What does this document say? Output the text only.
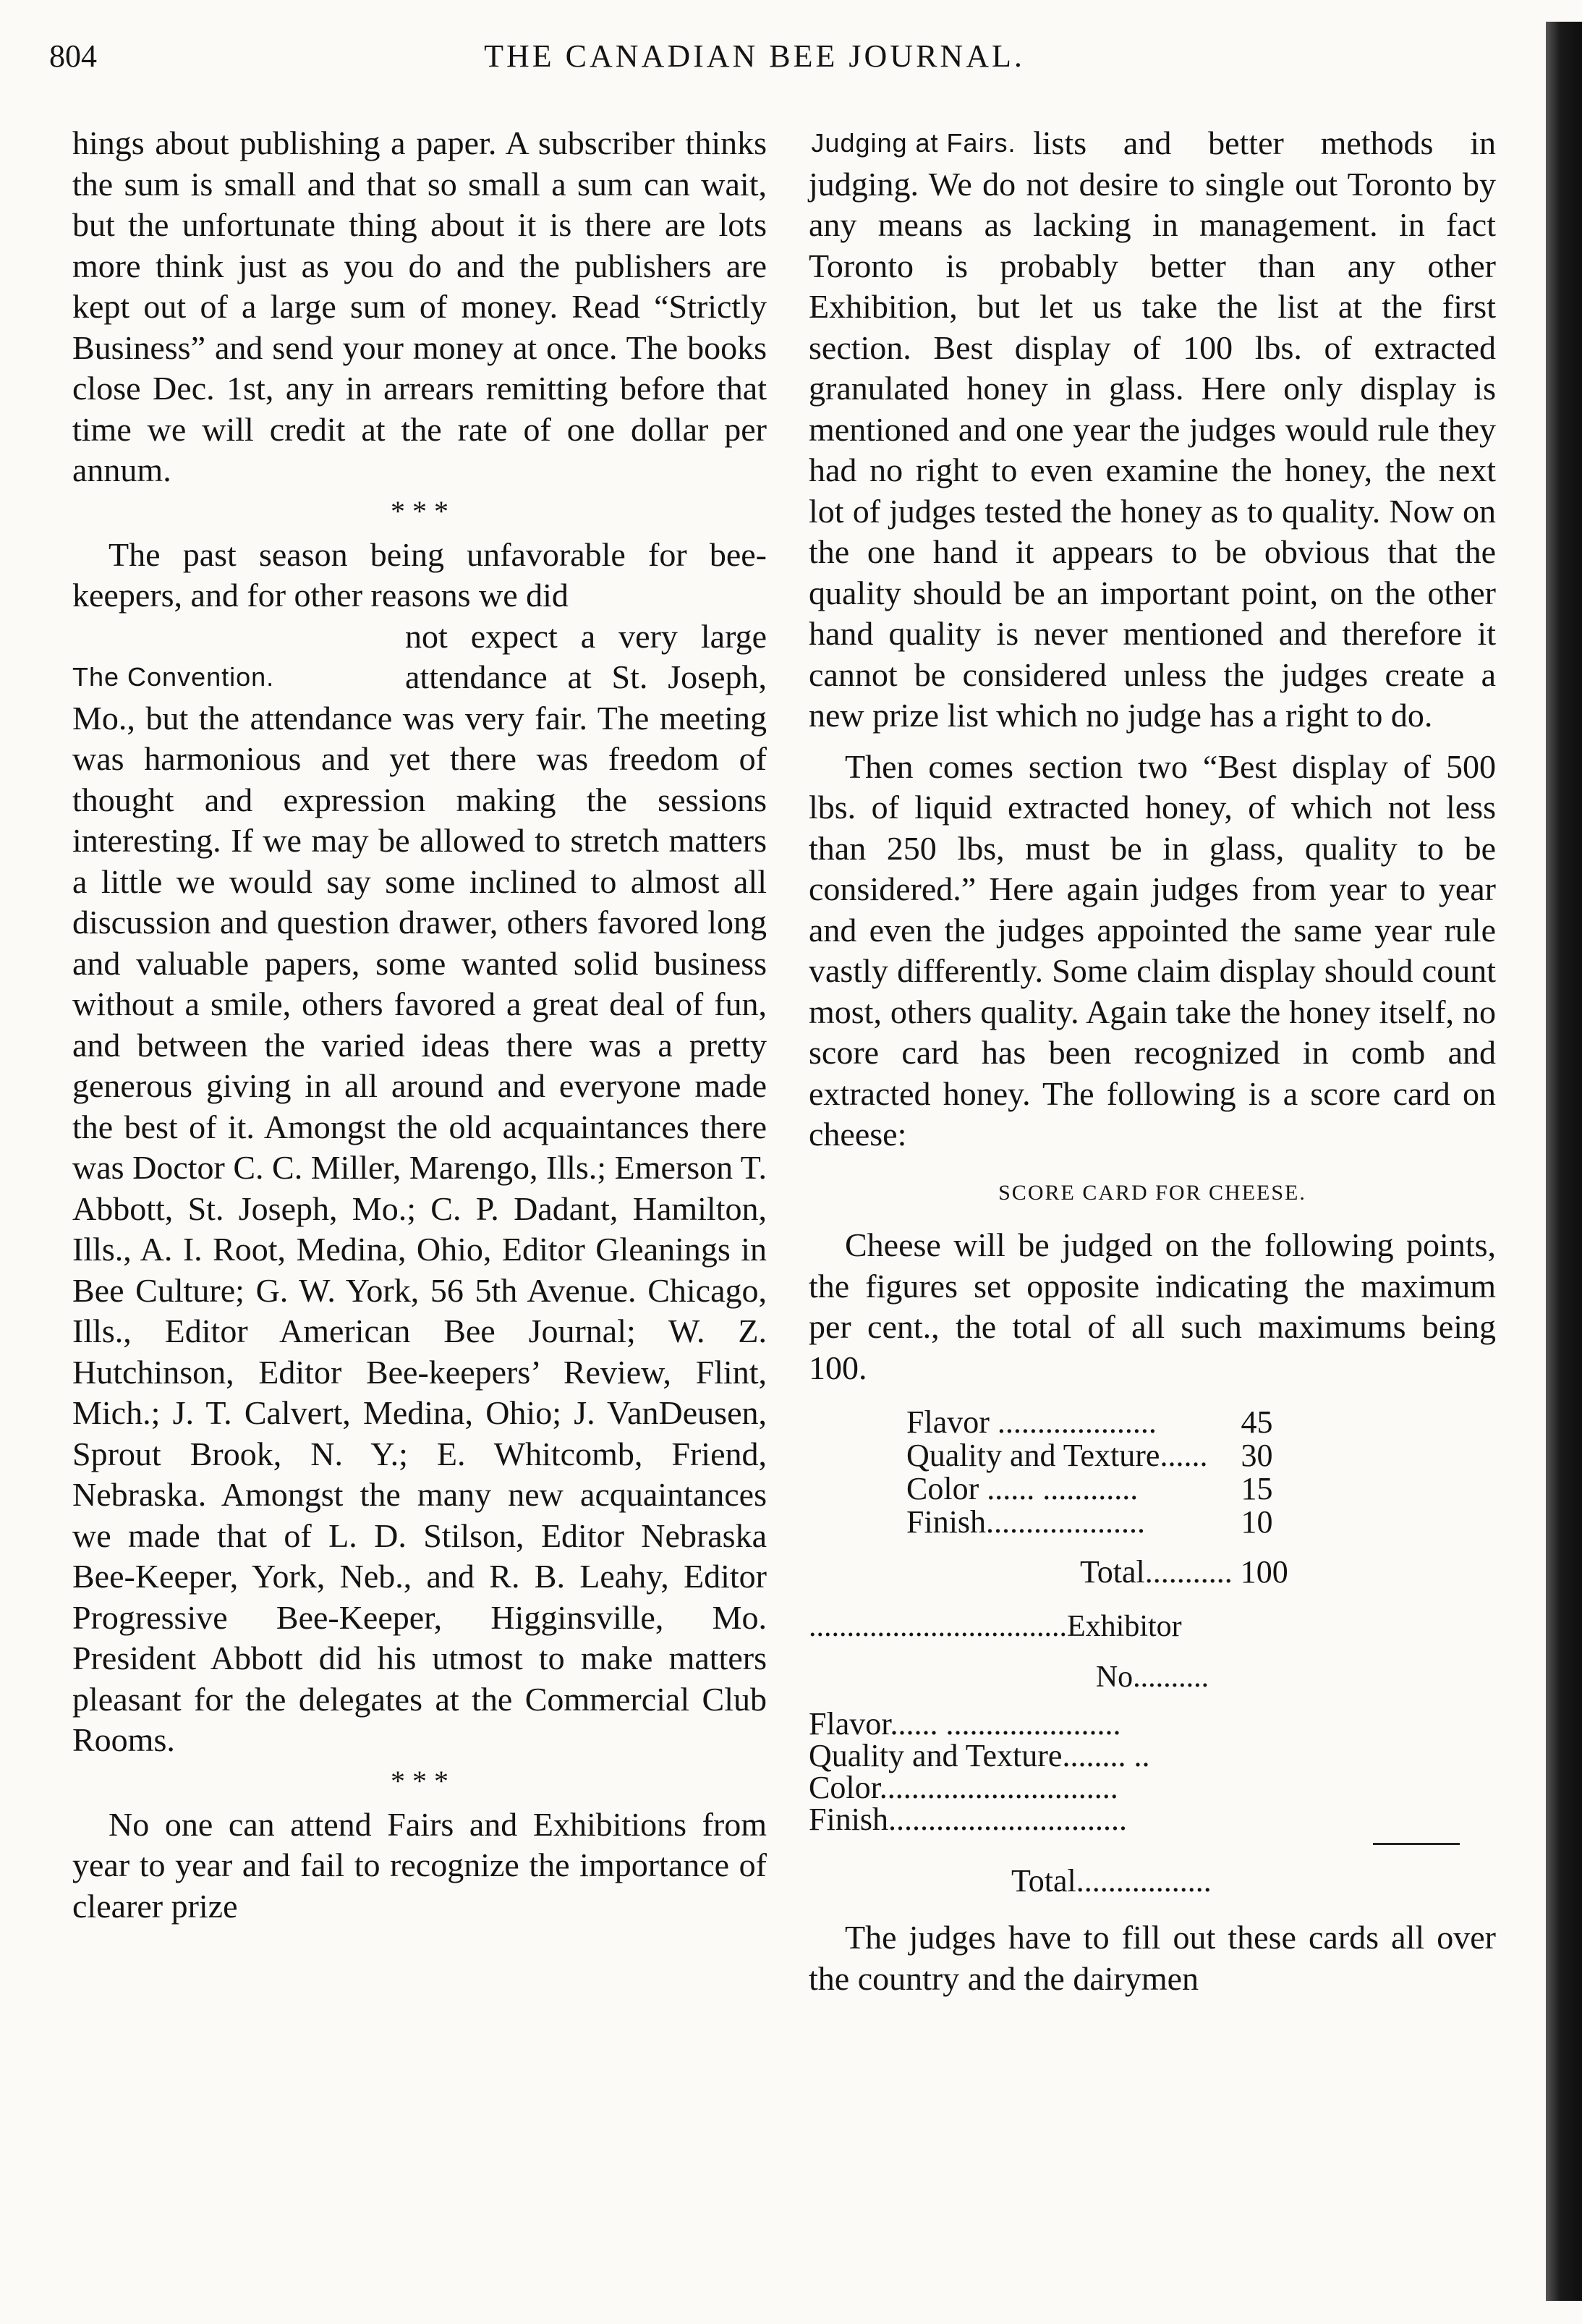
804	THE CANADIAN BEE JOURNAL.

hings about publishing a paper. A subscriber thinks the sum is small and that so small a sum can wait, but the unfortunate thing about it is there are lots more think just as you do and the publishers are kept out of a large sum of money. Read “Strictly Business” and send your money at once. The books close Dec. 1st, any in arrears remitting before that time we will credit at the rate of one dollar per annum.

* * *

The past season being unfavorable for bee-keepers, and for other reasons we did

The Convention.
not expect a very large attendance at St. Joseph, Mo., but the attendance was very fair. The meeting was harmonious and yet there was freedom of thought and expression making the sessions interesting. If we may be allowed to stretch matters a little we would say some inclined to almost all discussion and question drawer, others favored long and valuable papers, some wanted solid business without a smile, others favored a great deal of fun, and between the varied ideas there was a pretty generous giving in all around and everyone made the best of it. Amongst the old acquaintances there was Doctor C. C. Miller, Marengo, Ills.; Emerson T. Abbott, St. Joseph, Mo.; C. P. Dadant, Hamilton, Ills., A. I. Root, Medina, Ohio, Editor Gleanings in Bee Culture; G. W. York, 56 5th Avenue. Chicago, Ills., Editor American Bee Journal; W. Z. Hutchinson, Editor Bee-keepers’ Review, Flint, Mich.; J. T. Calvert, Medina, Ohio; J. VanDeusen, Sprout Brook, N. Y.; E. Whitcomb, Friend, Nebraska. Amongst the many new acquaintances we made that of L. D. Stilson, Editor Nebraska Bee-Keeper, York, Neb., and R. B. Leahy, Editor Progressive Bee-Keeper, Higginsville, Mo. President Abbott did his utmost to make matters pleasant for the delegates at the Commercial Club Rooms.

* * *

No one can attend Fairs and Exhibitions from year to year and fail to recognize the importance of clearer prize

Judging at Fairs. lists and better methods in judging. We do not desire to single out Toronto by any means as lacking in management. in fact Toronto is probably better than any other Exhibition, but let us take the list at the first section. Best display of 100 lbs. of extracted granulated honey in glass. Here only display is mentioned and one year the judges would rule they had no right to even examine the honey, the next lot of judges tested the honey as to quality. Now on the one hand it appears to be obvious that the quality should be an important point, on the other hand quality is never mentioned and therefore it cannot be considered unless the judges create a new prize list which no judge has a right to do.

Then comes section two “Best display of 500 lbs. of liquid extracted honey, of which not less than 250 lbs, must be in glass, quality to be considered.” Here again judges from year to year and even the judges appointed the same year rule vastly differently. Some claim display should count most, others quality. Again take the honey itself, no score card has been recognized in comb and extracted honey. The following is a score card on cheese:

SCORE CARD FOR CHEESE.

Cheese will be judged on the following points, the figures set opposite indicating the maximum per cent., the total of all such maximums being 100.

Flavor ....................	45
Quality and Texture......	30
Color ...... ............	15
Finish....................	10
Total........... 100
..................................Exhibitor
No..........
Flavor...... ......................
Quality and Texture........ ..
Color..............................
Finish..............................
Total.................

The judges have to fill out these cards all over the country and the dairymen
